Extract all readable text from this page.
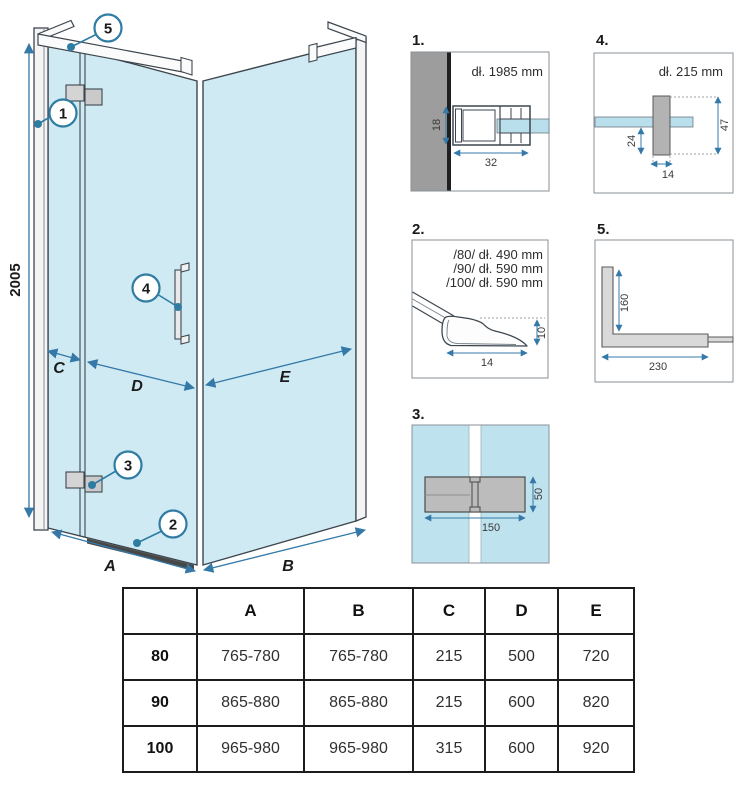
2005
C
D
E
A	B
1
5
4
3
2
1.
dł. 1985 mm
18
32
4.
dł. 215 mm
24
47
14
2.
/80/ dł. 490 mm
/90/ dł. 590 mm
/100/ dł. 590 mm
10
14
5.
160
230
3.
150
50
	A	B	C	D	E
80	765-780	765-780	215	500	720
90	865-880	865-880	215	600	820
100	965-980	965-980	315	600	920
